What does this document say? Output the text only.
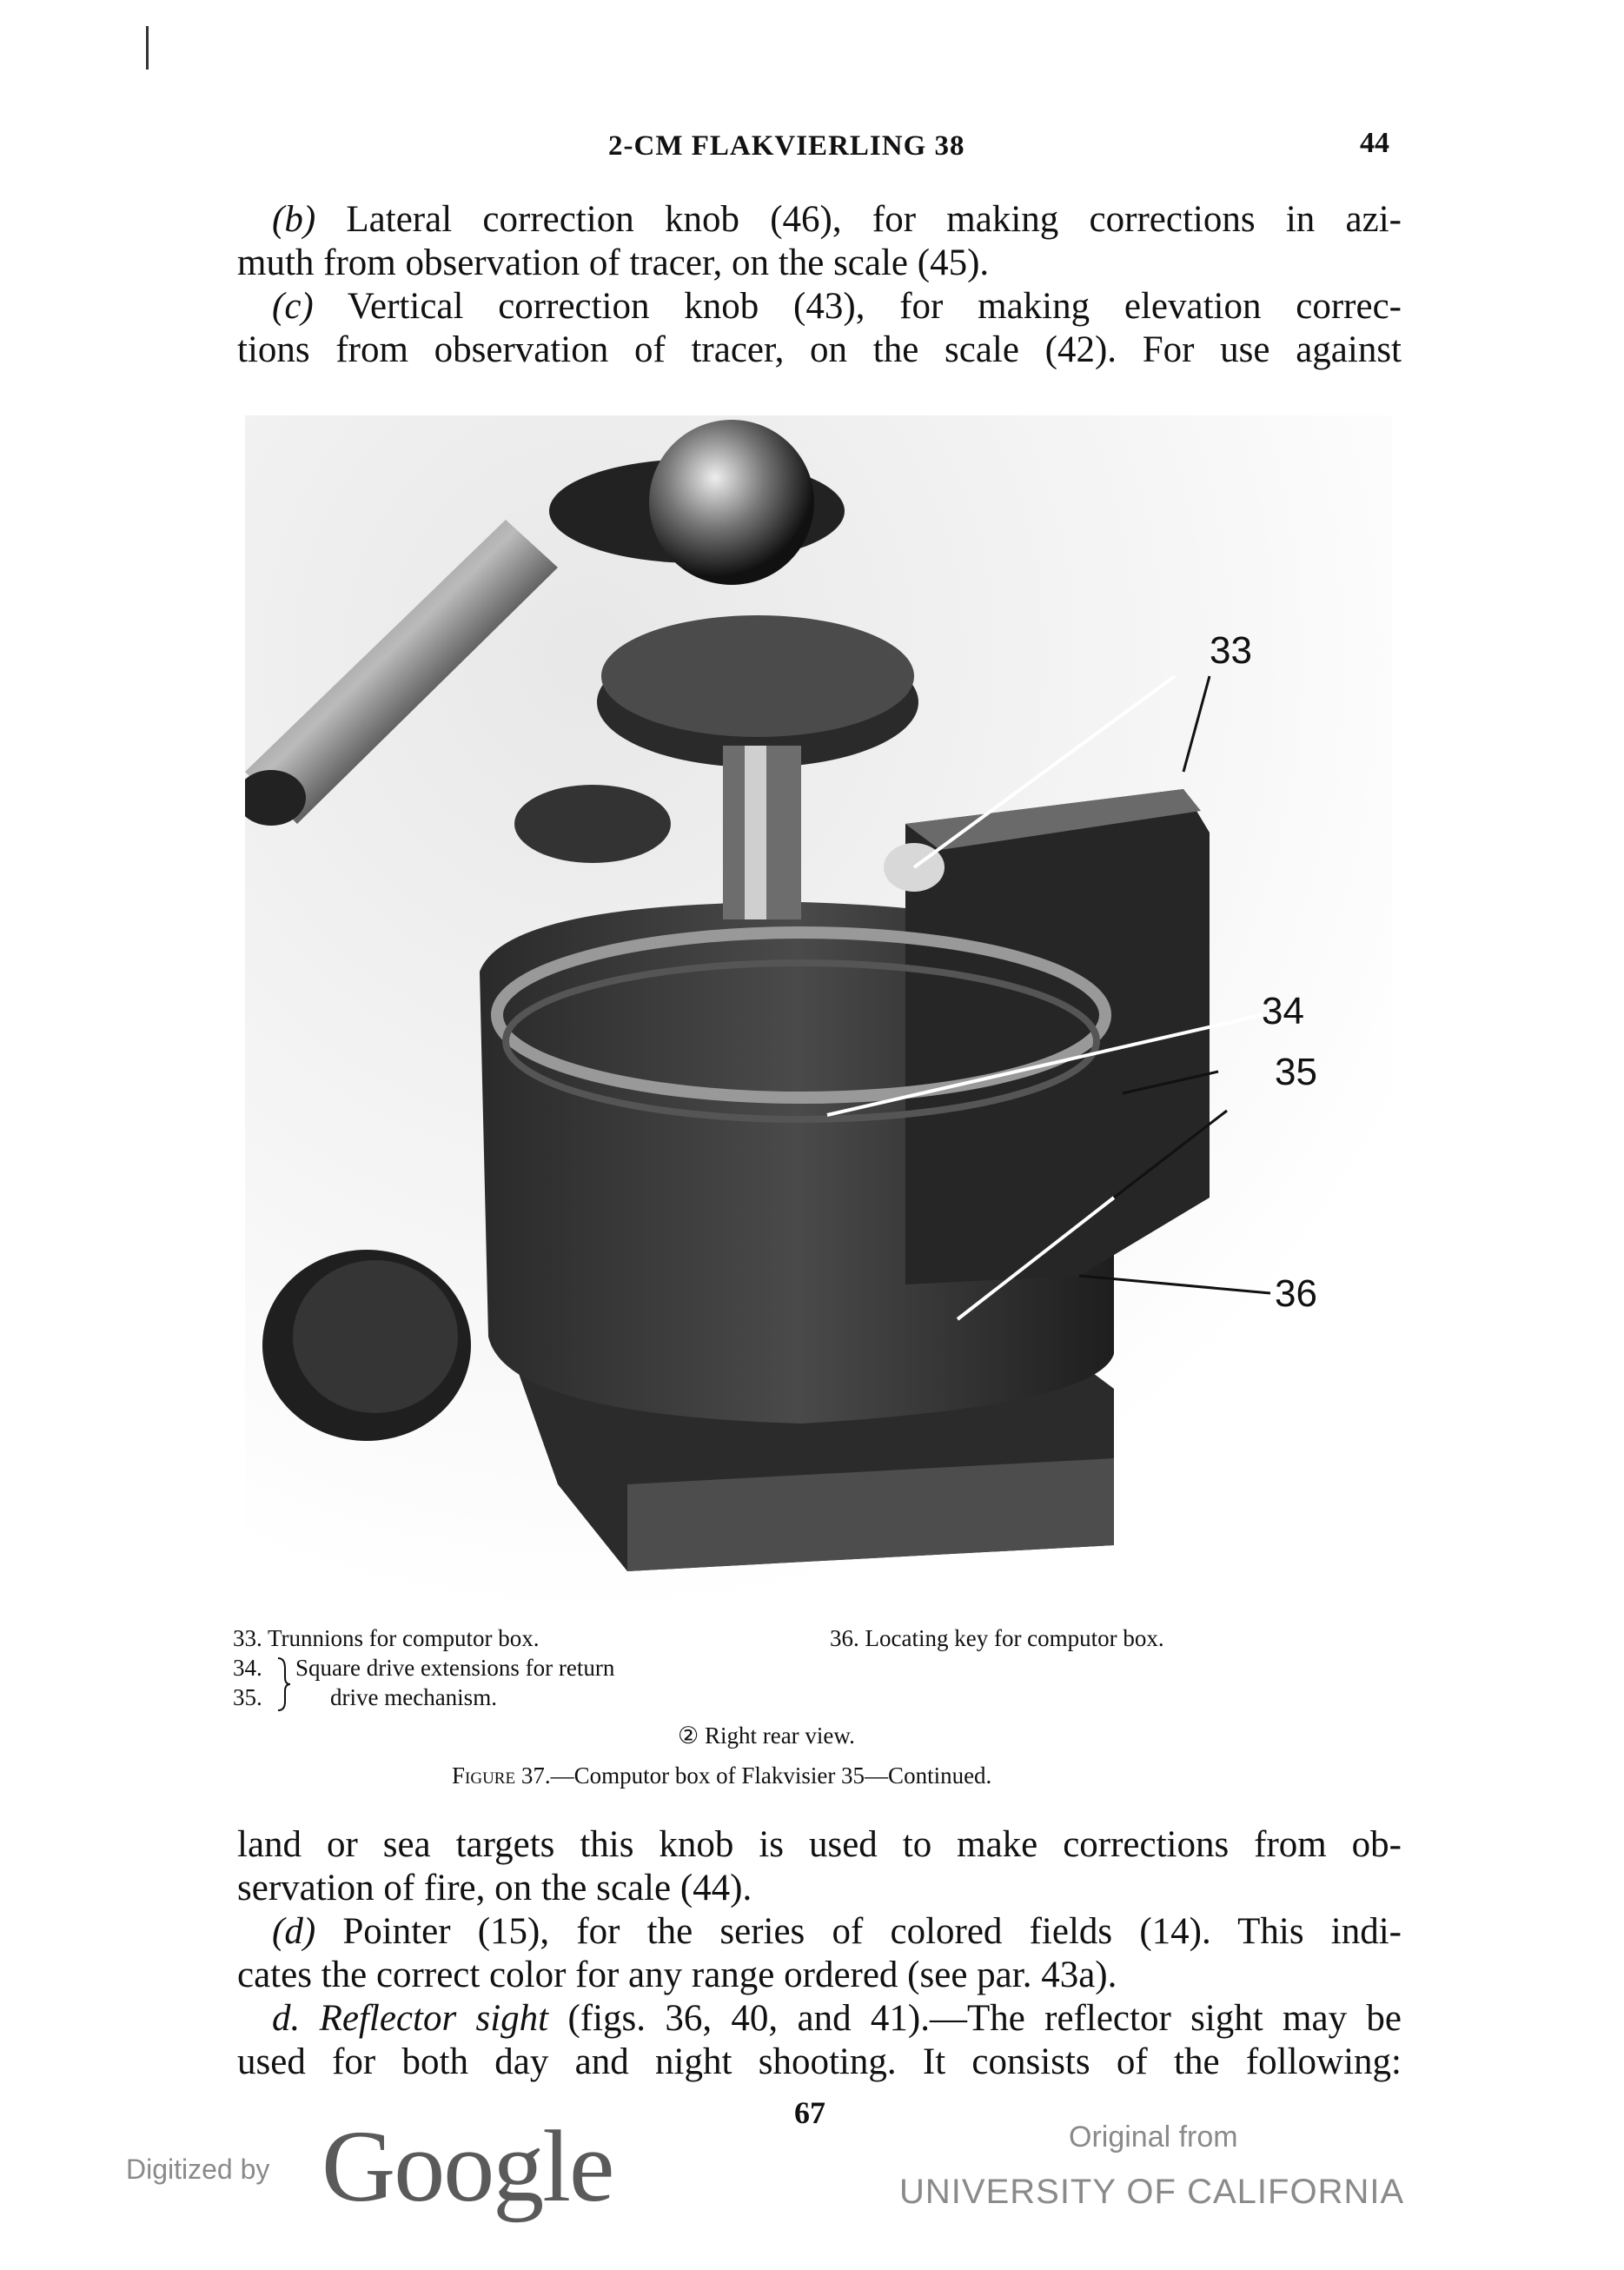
2-CM FLAKVIERLING 38	44
(b) Lateral correction knob (46), for making corrections in azi-
muth from observation of tracer, on the scale (45).
(c) Vertical correction knob (43), for making elevation correc-
tions from observation of tracer, on the scale (42). For use against
33
34
35
36
33. Trunnions for computor box.	36. Locating key for computor box.
34.
35.
Square drive extensions for return
drive mechanism.
② Right rear view.
Figure 37.—Computor box of Flakvisier 35—Continued.
land or sea targets this knob is used to make corrections from ob-
servation of fire, on the scale (44).
(d) Pointer (15), for the series of colored fields (14). This indi-
cates the correct color for any range ordered (see par. 43a).
d. Reflector sight (figs. 36, 40, and 41).—The reflector sight may be
used for both day and night shooting. It consists of the following:
67
Digitized by Google	Original from
UNIVERSITY OF CALIFORNIA
